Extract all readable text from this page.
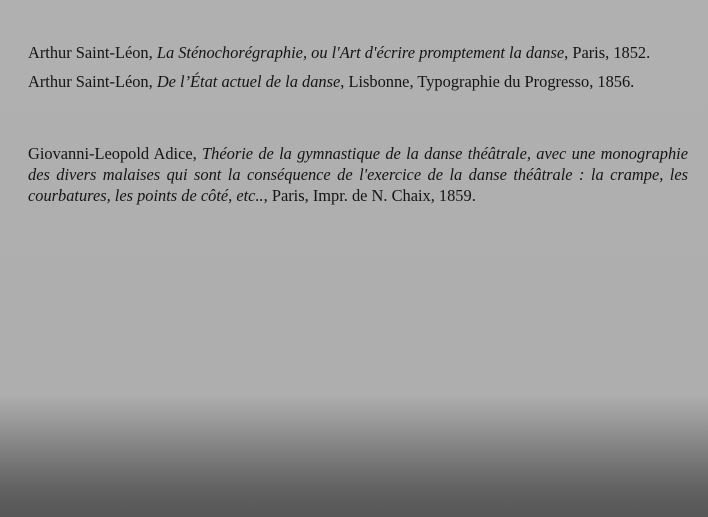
Arthur Saint-Léon, La Sténochorégraphie, ou l'Art d'écrire promptement la danse, Paris, 1852.

Arthur Saint-Léon, De l’État actuel de la danse, Lisbonne, Typographie du Progresso, 1856.

Giovanni-Leopold Adice, Théorie de la gymnastique de la danse théâtrale, avec une monographie des divers malaises qui sont la conséquence de l'exercice de la danse théâtrale : la crampe, les courbatures, les points de côté, etc.., Paris, Impr. de N. Chaix, 1859.
